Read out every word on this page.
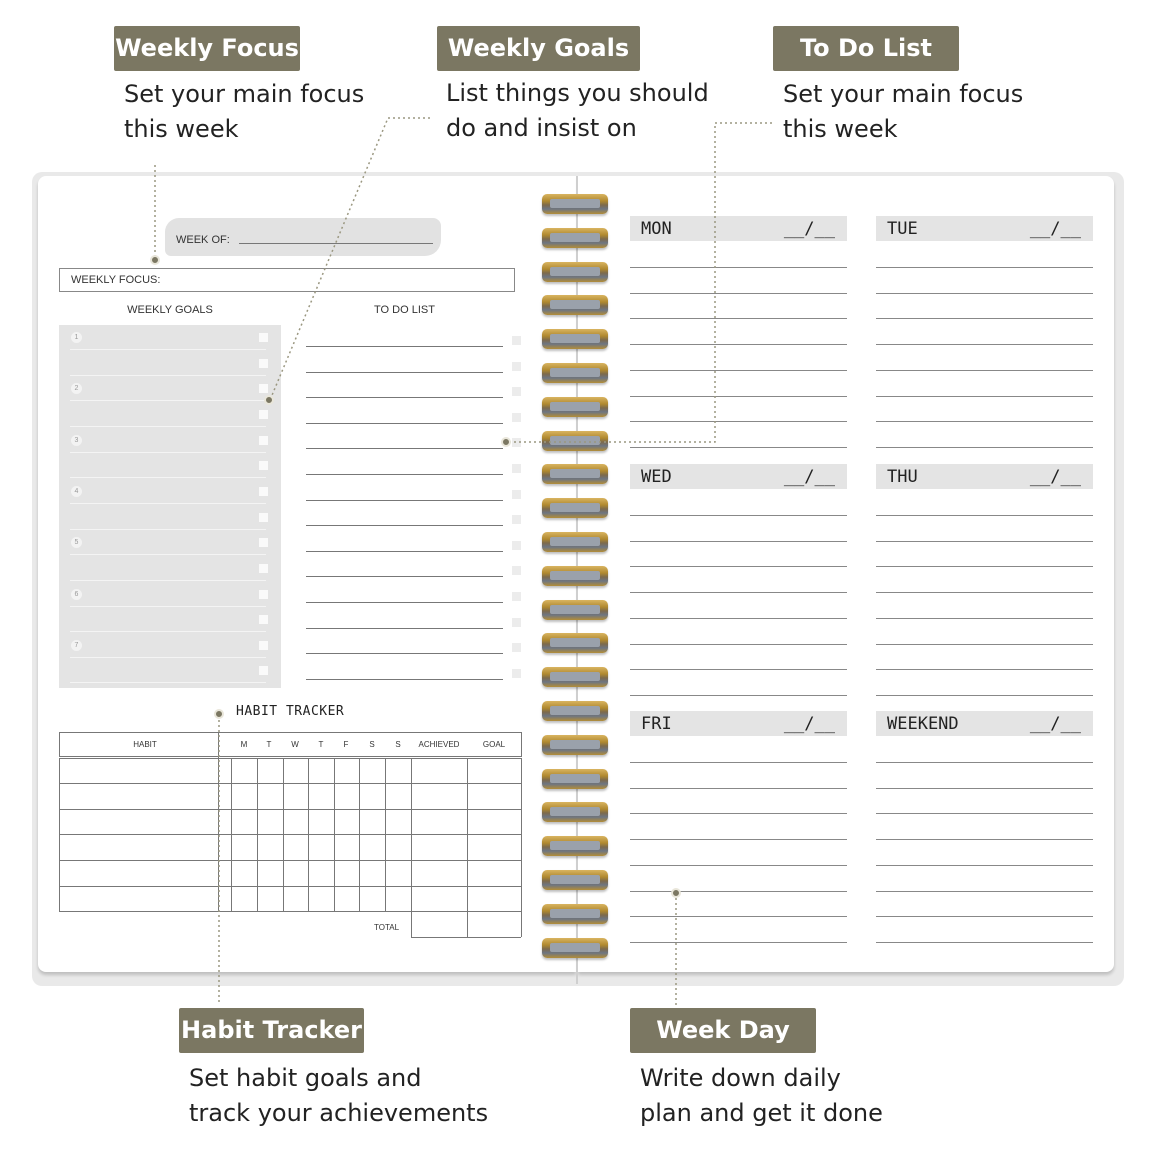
WEEK OF:
WEEKLY FOCUS:
WEEKLY GOALS	TO DO LIST
1
2
3
4
5
6
7
HABIT TRACKER
HABIT	M	T	W	T	F	S	S	ACHIEVED	GOAL
TOTAL
MON	__/__	TUE	__/__
WED	__/__	THU	__/__
FRI	__/__	WEEKEND	__/__
Weekly Focus
Set your main focus
this week
Weekly Goals
List things you should
do and insist on
To Do List
Set your main focus
this week
Habit Tracker
Set habit goals and
track your achievements
Week Day
Write down daily
plan and get it done
